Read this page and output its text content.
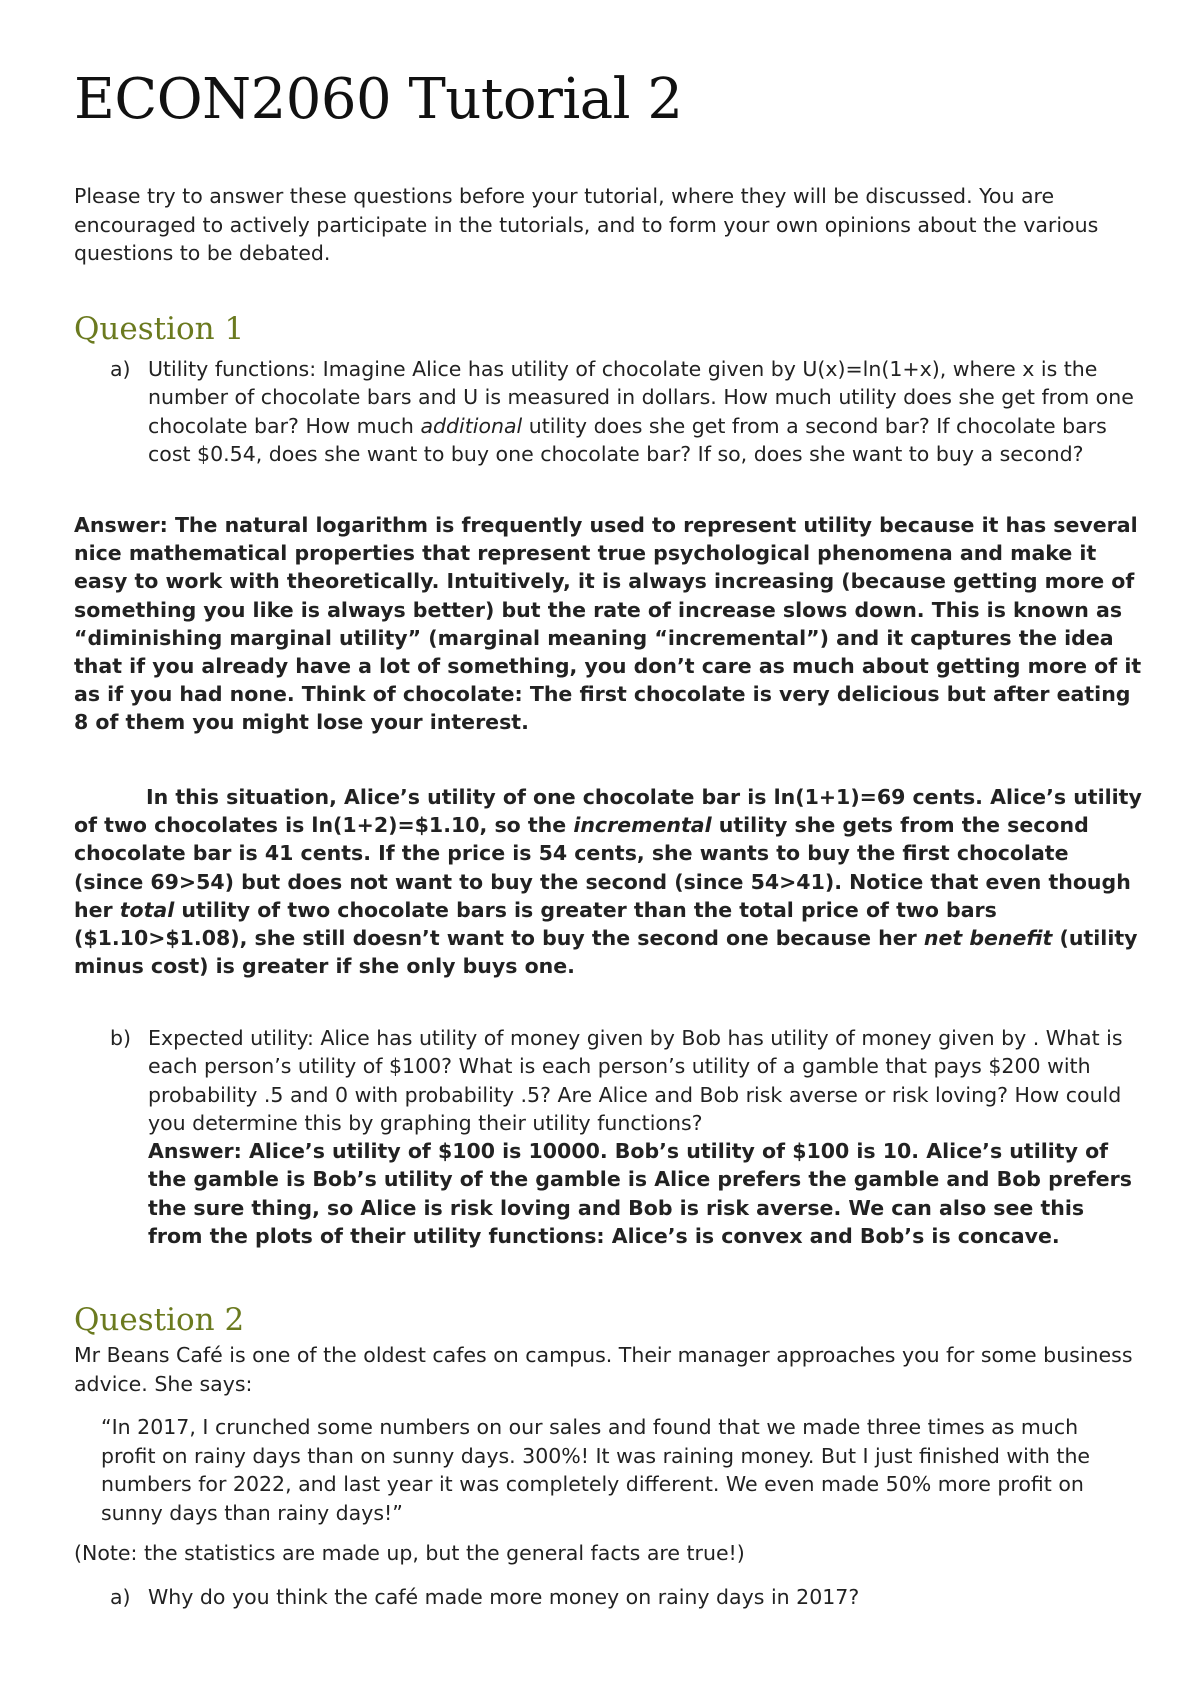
ECON2060 Tutorial 2

Please try to answer these questions before your tutorial, where they will be discussed. You are encouraged to actively participate in the tutorials, and to form your own opinions about the various questions to be debated.

Question 1
a) Utility functions: Imagine Alice has utility of chocolate given by U(x)=ln(1+x), where x is the number of chocolate bars and U is measured in dollars. How much utility does she get from one chocolate bar? How much additional utility does she get from a second bar? If chocolate bars cost $0.54, does she want to buy one chocolate bar? If so, does she want to buy a second?

Answer: The natural logarithm is frequently used to represent utility because it has several nice mathematical properties that represent true psychological phenomena and make it easy to work with theoretically. Intuitively, it is always increasing (because getting more of something you like is always better) but the rate of increase slows down. This is known as “diminishing marginal utility” (marginal meaning “incremental”) and it captures the idea that if you already have a lot of something, you don’t care as much about getting more of it as if you had none. Think of chocolate: The first chocolate is very delicious but after eating 8 of them you might lose your interest.

In this situation, Alice’s utility of one chocolate bar is ln(1+1)=69 cents. Alice’s utility of two chocolates is ln(1+2)=$1.10, so the incremental utility she gets from the second chocolate bar is 41 cents. If the price is 54 cents, she wants to buy the first chocolate (since 69>54) but does not want to buy the second (since 54>41). Notice that even though her total utility of two chocolate bars is greater than the total price of two bars ($1.10>$1.08), she still doesn’t want to buy the second one because her net benefit (utility minus cost) is greater if she only buys one.

b) Expected utility: Alice has utility of money given by Bob has utility of money given by . What is each person’s utility of $100? What is each person’s utility of a gamble that pays $200 with probability .5 and 0 with probability .5? Are Alice and Bob risk averse or risk loving? How could you determine this by graphing their utility functions?
Answer: Alice’s utility of $100 is 10000. Bob’s utility of $100 is 10. Alice’s utility of the gamble is Bob’s utility of the gamble is Alice prefers the gamble and Bob prefers the sure thing, so Alice is risk loving and Bob is risk averse. We can also see this from the plots of their utility functions: Alice’s is convex and Bob’s is concave.
Question 2

Mr Beans Café is one of the oldest cafes on campus. Their manager approaches you for some business advice. She says:

“In 2017, I crunched some numbers on our sales and found that we made three times as much profit on rainy days than on sunny days. 300%! It was raining money. But I just finished with the numbers for 2022, and last year it was completely different. We even made 50% more profit on sunny days than rainy days!”

(Note: the statistics are made up, but the general facts are true!)

a) Why do you think the café made more money on rainy days in 2017?
